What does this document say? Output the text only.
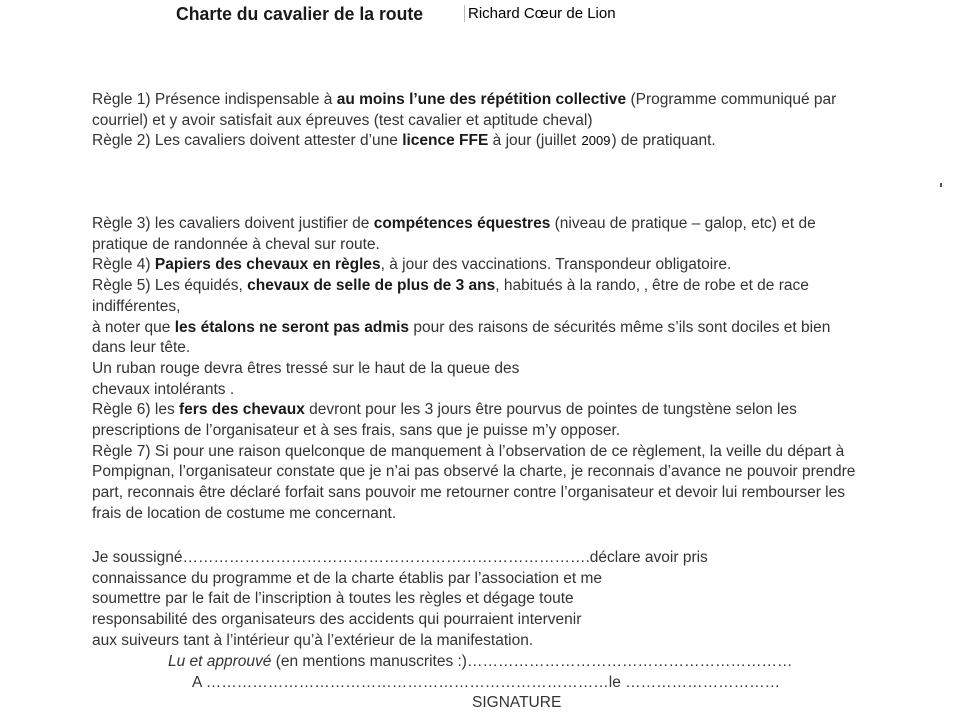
Charte du cavalier de la route	Richard Cœur de Lion

Règle 1) Présence indispensable à au moins l’une des répétition collective (Programme communiqué par
courriel) et y avoir satisfait aux épreuves (test cavalier et aptitude cheval)
Règle 2) Les cavaliers doivent attester d’une licence FFE à jour (juillet 2009) de pratiquant.

Règle 3) les cavaliers doivent justifier de compétences équestres (niveau de pratique – galop, etc) et de
pratique de randonnée à cheval sur route.
Règle 4) Papiers des chevaux en règles, à jour des vaccinations. Transpondeur obligatoire.
Règle 5) Les équidés, chevaux de selle de plus de 3 ans, habitués à la rando, ‚ être de robe et de race
indifférentes,
à noter que les étalons ne seront pas admis pour des raisons de sécurités même s’ils sont dociles et bien
dans leur tête.
Un ruban rouge devra êtres tressé sur le haut de la queue des
chevaux intolérants .
Règle 6) les fers des chevaux devront pour les 3 jours être pourvus de pointes de tungstène selon les
prescriptions de l’organisateur et à ses frais, sans que je puisse m’y opposer.
Règle 7) Si pour une raison quelconque de manquement à l’observation de ce règlement, la veille du départ à
Pompignan, l’organisateur constate que je n’ai pas observé la charte, je reconnais d’avance ne pouvoir prendre
part, reconnais être déclaré forfait sans pouvoir me retourner contre l’organisateur et devoir lui rembourser les
frais de location de costume me concernant.

Je soussigné…………………………………………………………………….déclare avoir pris
connaissance du programme et de la charte établis par l’association et me
soumettre par le fait de l’inscription à toutes les règles et dégage toute
responsabilité des organisateurs des accidents qui pourraient intervenir
aux suiveurs tant à l’intérieur qu’à l’extérieur de la manifestation.

Lu et approuvé (en mentions manuscrites :)………………………………………………………
A ……………………………………………………………………le …………………………
SIGNATURE
